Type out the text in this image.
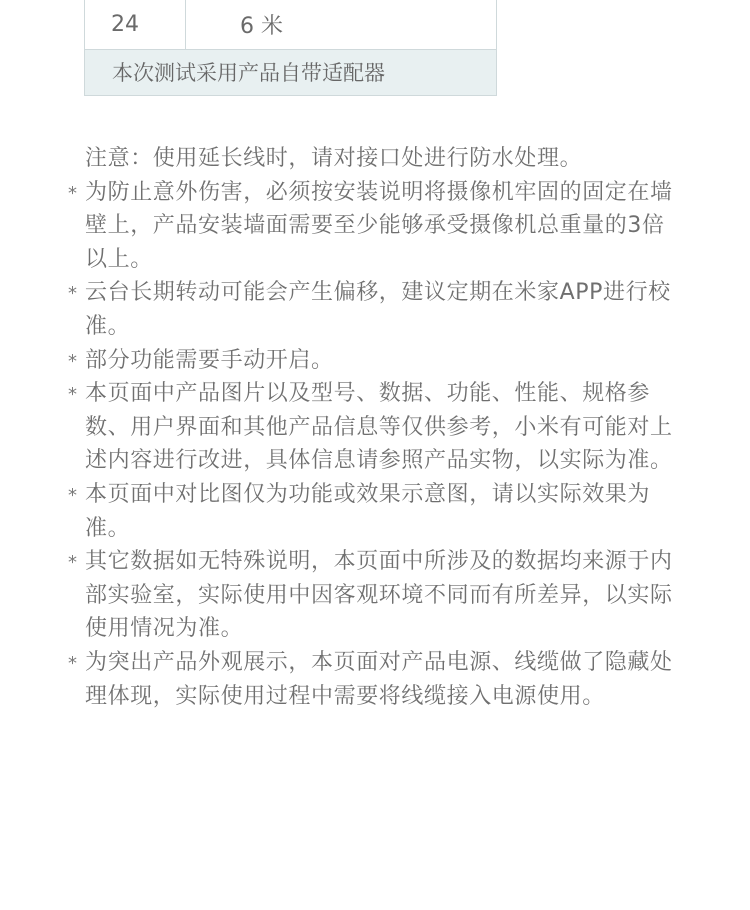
24	6 米
本次测试采用产品自带适配器
注意：使用延长线时，请对接口处进行防水处理。
* 为防止意外伤害，必须按安装说明将摄像机牢固的固定在墙壁上，产品安装墙面需要至少能够承受摄像机总重量的3倍以上。
* 云台长期转动可能会产生偏移，建议定期在米家APP进行校准。
* 部分功能需要手动开启。
* 本页面中产品图片以及型号、数据、功能、性能、规格参数、用户界面和其他产品信息等仅供参考，小米有可能对上述内容进行改进，具体信息请参照产品实物，以实际为准。
* 本页面中对比图仅为功能或效果示意图，请以实际效果为准。
* 其它数据如无特殊说明，本页面中所涉及的数据均来源于内部实验室，实际使用中因客观环境不同而有所差异，以实际使用情况为准。
* 为突出产品外观展示，本页面对产品电源、线缆做了隐藏处理体现，实际使用过程中需要将线缆接入电源使用。
